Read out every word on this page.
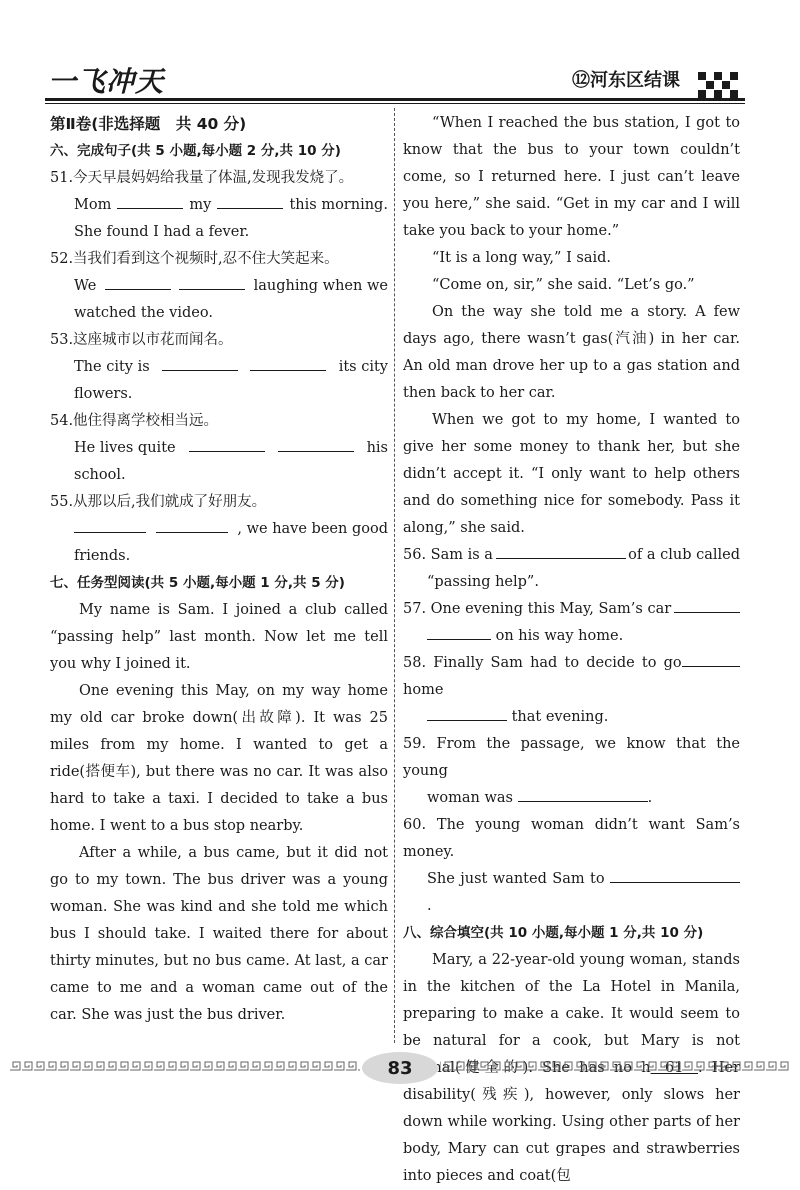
一飞冲天	⑫河东区结课

第Ⅱ卷(非选择题　共 40 分)

六、完成句子(共 5 小题,每小题 2 分,共 10 分)

51.今天早晨妈妈给我量了体温,发现我发烧了。

Mom	my	this morning.

She found I had a fever.

52.当我们看到这个视频时,忍不住大笑起来。

We	laughing when we

watched the video.

53.这座城市以市花而闻名。

The city is	its city

flowers.

54.他住得离学校相当远。

He lives quite	his

school.

55.从那以后,我们就成了好朋友。

, we have been good

friends.

七、任务型阅读(共 5 小题,每小题 1 分,共 5 分)

My name is Sam. I joined a club called “passing help” last month. Now let me tell you why I joined it.

One evening this May, on my way home my old car broke down(出故障). It was 25 miles from my home. I wanted to get a ride(搭便车), but there was no car. It was also hard to take a taxi. I decided to take a bus home. I went to a bus stop nearby.

After a while, a bus came, but it did not go to my town. The bus driver was a young woman. She was kind and she told me which bus I should take. I waited there for about thirty minutes, but no bus came. At last, a car came to me and a woman came out of the car. She was just the bus driver.

“When I reached the bus station, I got to know that the bus to your town couldn’t come, so I returned here. I just can’t leave you here,” she said. “Get in my car and I will take you back to your home.”

“It is a long way,” I said.

“Come on, sir,” she said. “Let’s go.”

On the way she told me a story. A few days ago, there wasn’t gas(汽油) in her car. An old man drove her up to a gas station and then back to her car.

When we got to my home, I wanted to give her some money to thank her, but she didn’t accept it. “I only want to help others and do something nice for somebody. Pass it along,” she said.

56. Sam is a	of a club called

“passing help”.

57. One evening this May, Sam’s car

on his way home.

58. Finally Sam had to decide to go home

that evening.

59. From the passage, we know that the young

woman was	.

60. The young woman didn’t want Sam’s money.

She just wanted Sam to .

八、综合填空(共 10 小题,每小题 1 分,共 10 分)

Mary, a 22-year-old young woman, stands in the kitchen of the La Hotel in Manila, preparing to make a cake. It would seem to be natural for a cook, but Mary is not    disability(残疾), however, only slows her down while working. Using other parts of her body, Mary can cut grapes and strawberries into pieces and coat(包

83
